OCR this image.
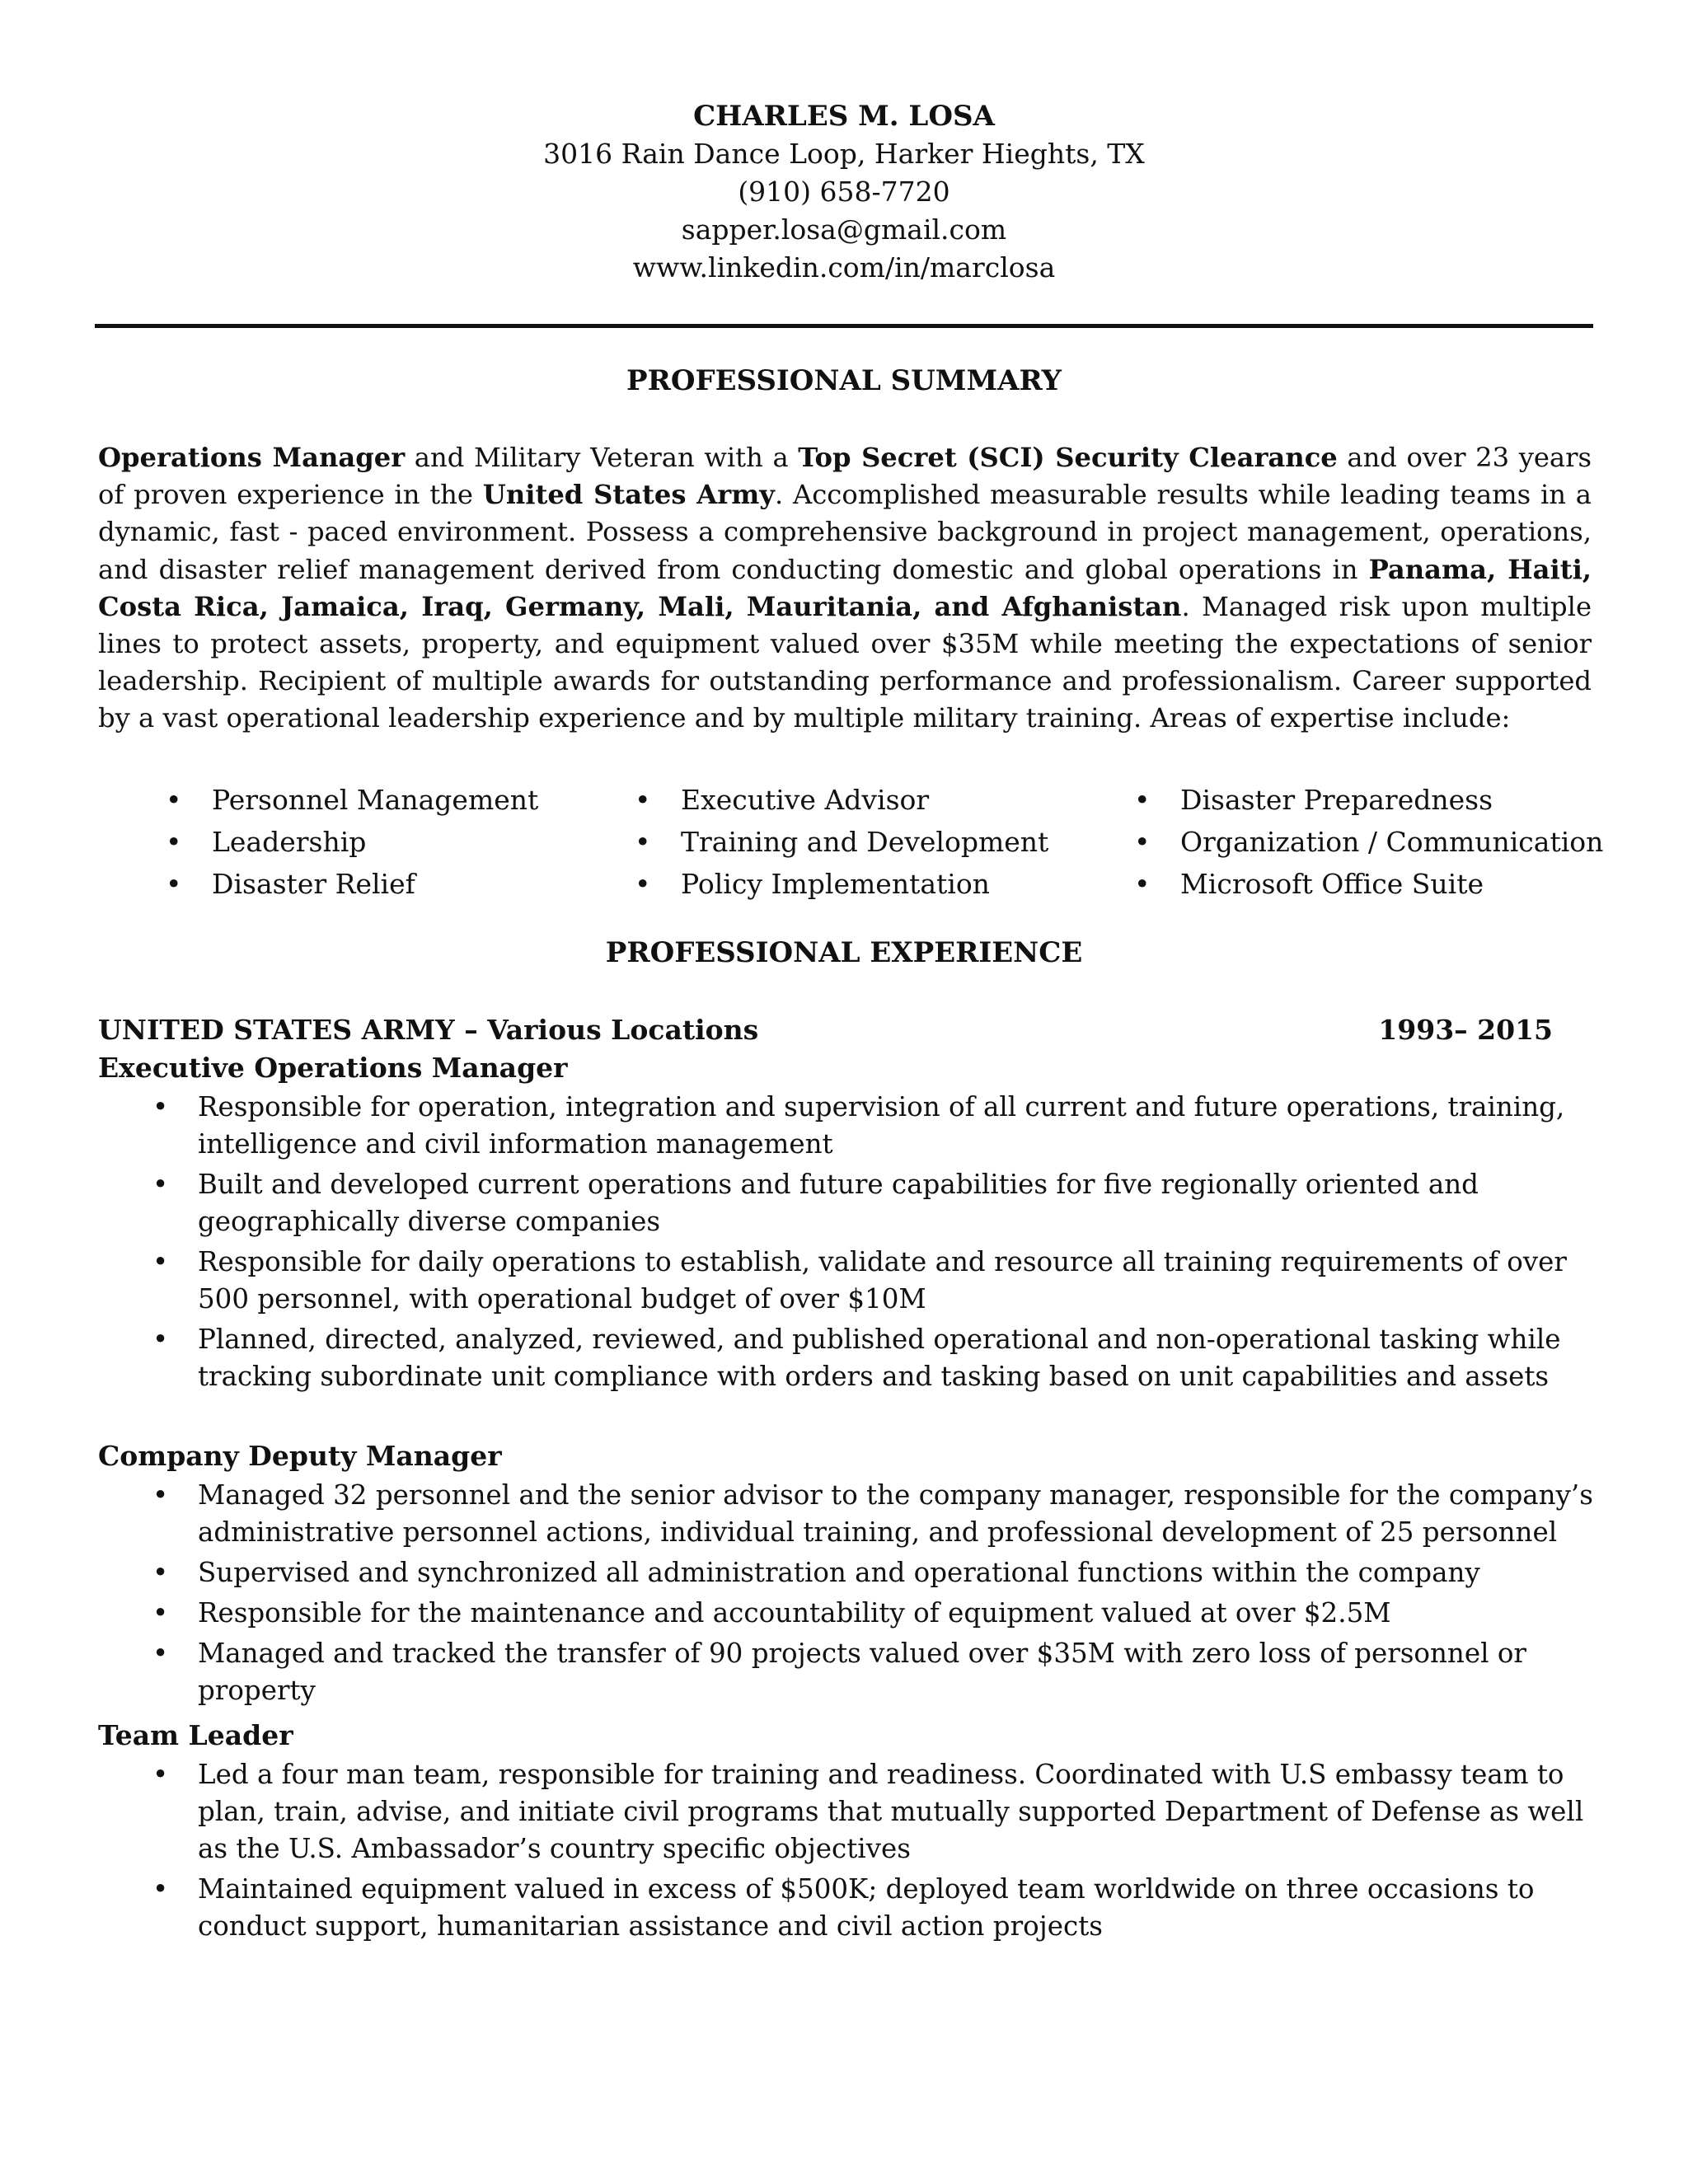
CHARLES M. LOSA
3016 Rain Dance Loop, Harker Hieghts, TX
(910) 658-7720
sapper.losa@gmail.com
www.linkedin.com/in/marclosa
PROFESSIONAL SUMMARY
Operations Manager and Military Veteran with a Top Secret (SCI) Security Clearance and over 23 years of proven experience in the United States Army. Accomplished measurable results while leading teams in a dynamic, fast - paced environment. Possess a comprehensive background in project management, operations, and disaster relief management derived from conducting domestic and global operations in Panama, Haiti, Costa Rica, Jamaica, Iraq, Germany, Mali, Mauritania, and Afghanistan. Managed risk upon multiple lines to protect assets, property, and equipment valued over $35M while meeting the expectations of senior leadership. Recipient of multiple awards for outstanding performance and professionalism. Career supported by a vast operational leadership experience and by multiple military training. Areas of expertise include:
• Personnel Management
• Leadership
• Disaster Relief
• Executive Advisor
• Training and Development
• Policy Implementation
• Disaster Preparedness
• Organization / Communication
• Microsoft Office Suite
PROFESSIONAL EXPERIENCE
UNITED STATES ARMY – Various Locations	1993– 2015
Executive Operations Manager
• Responsible for operation, integration and supervision of all current and future operations, training, intelligence and civil information management
• Built and developed current operations and future capabilities for five regionally oriented and geographically diverse companies
• Responsible for daily operations to establish, validate and resource all training requirements of over 500 personnel, with operational budget of over $10M
• Planned, directed, analyzed, reviewed, and published operational and non-operational tasking while tracking subordinate unit compliance with orders and tasking based on unit capabilities and assets
Company Deputy Manager
• Managed 32 personnel and the senior advisor to the company manager, responsible for the company’s administrative personnel actions, individual training, and professional development of 25 personnel
• Supervised and synchronized all administration and operational functions within the company
• Responsible for the maintenance and accountability of equipment valued at over $2.5M
• Managed and tracked the transfer of 90 projects valued over $35M with zero loss of personnel or property
Team Leader
• Led a four man team, responsible for training and readiness. Coordinated with U.S embassy team to plan, train, advise, and initiate civil programs that mutually supported Department of Defense as well as the U.S. Ambassador’s country specific objectives
• Maintained equipment valued in excess of $500K; deployed team worldwide on three occasions to conduct support, humanitarian assistance and civil action projects
